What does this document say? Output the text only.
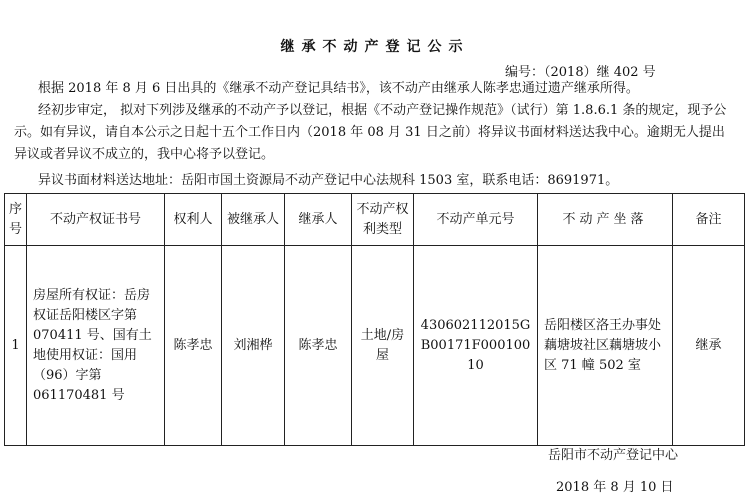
继承不动产登记公示
编号：（2018）继 402 号
根据 2018 年 8 月 6 日出具的《继承不动产登记具结书》，该不动产由继承人陈孝忠通过遗产继承所得。
经初步审定， 拟对下列涉及继承的不动产予以登记，根据《不动产登记操作规范》（试行）第 1.8.6.1 条的规定，现予公示。如有异议，请自本公示之日起十五个工作日内（2018 年 08 月 31 日之前）将异议书面材料送达我中心。逾期无人提出异议或者异议不成立的，我中心将予以登记。
异议书面材料送达地址：岳阳市国土资源局不动产登记中心法规科 1503 室，联系电话：8691971。
序号	不动产权证书号	权利人	被继承人	继承人	不动产权利类型	不动产单元号	不动产坐落	备注
1	房屋所有权证：岳房权证岳阳楼区字第 070411 号、国有土地使用权证：国用（96）字第 061170481 号	陈孝忠	刘湘桦	陈孝忠	土地/房屋	430602112015GB00171F00010010	岳阳楼区洛王办事处藕塘坡社区藕塘坡小区 71 幢 502 室	继承
岳阳市不动产登记中心
2018 年 8 月 10 日
